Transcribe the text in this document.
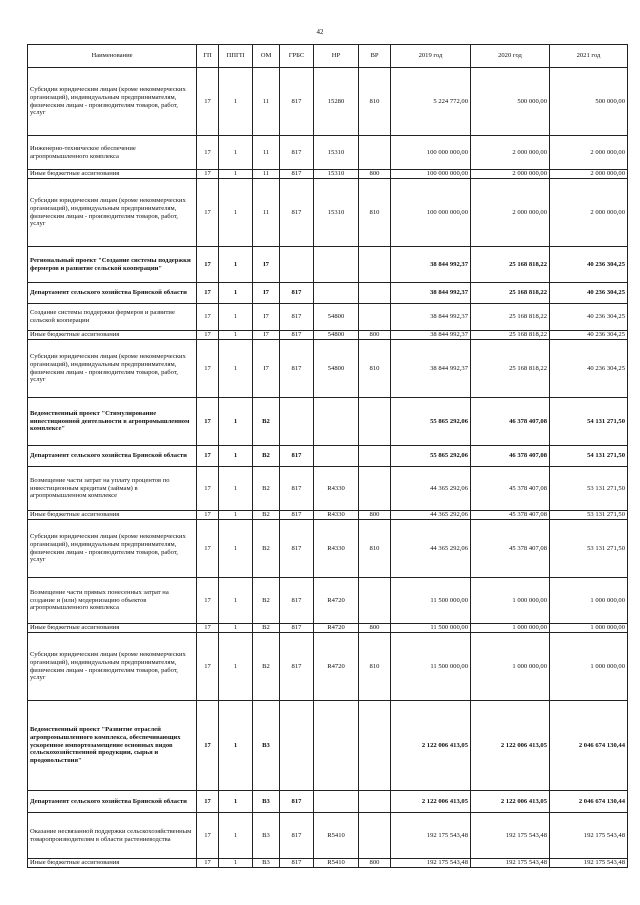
42
Наименование	ГП	ППГП	ОМ	ГРБС	НР	ВР	2019 год	2020 год	2021 год
Субсидии юридическим лицам (кроме некоммерческих организаций), индивидуальным предпринимателям, физическим лицам - производителям товаров, работ, услуг	17	1	11	817	15280	810	5 224 772,00	500 000,00	500 000,00
Инженерно-техническое обеспечение агропромышленного комплекса	17	1	11	817	15310		100 000 000,00	2 000 000,00	2 000 000,00
Иные бюджетные ассигнования	17	1	11	817	15310	800	100 000 000,00	2 000 000,00	2 000 000,00
Субсидии юридическим лицам (кроме некоммерческих организаций), индивидуальным предпринимателям, физическим лицам - производителям товаров, работ, услуг	17	1	11	817	15310	810	100 000 000,00	2 000 000,00	2 000 000,00
Региональный проект "Создание системы поддержки фермеров и развитие сельской кооперации"	17	1	I7				38 844 992,37	25 168 818,22	40 236 304,25
Департамент сельского хозяйства Брянской области	17	1	I7	817			38 844 992,37	25 168 818,22	40 236 304,25
Создание системы поддержки фермеров и развитие сельской кооперации	17	1	I7	817	54800		38 844 992,37	25 168 818,22	40 236 304,25
Иные бюджетные ассигнования	17	1	I7	817	54800	800	38 844 992,37	25 168 818,22	40 236 304,25
Субсидии юридическим лицам (кроме некоммерческих организаций), индивидуальным предпринимателям, физическим лицам - производителям товаров, работ, услуг	17	1	I7	817	54800	810	38 844 992,37	25 168 818,22	40 236 304,25
Ведомственный проект "Стимулирование инвестиционной деятельности в агропромышленном комплексе"	17	1	B2				55 865 292,06	46 378 407,08	54 131 271,50
Департамент сельского хозяйства Брянской области	17	1	B2	817			55 865 292,06	46 378 407,08	54 131 271,50
Возмещение части затрат на уплату процентов по инвестиционным кредитам (займам) в агропромышленном комплексе	17	1	B2	817	R4330		44 365 292,06	45 378 407,08	53 131 271,50
Иные бюджетные ассигнования	17	1	B2	817	R4330	800	44 365 292,06	45 378 407,08	53 131 271,50
Субсидии юридическим лицам (кроме некоммерческих организаций), индивидуальным предпринимателям, физическим лицам - производителям товаров, работ, услуг	17	1	B2	817	R4330	810	44 365 292,06	45 378 407,08	53 131 271,50
Возмещение части прямых понесенных затрат на создание и (или) модернизацию объектов агропромышленного комплекса	17	1	B2	817	R4720		11 500 000,00	1 000 000,00	1 000 000,00
Иные бюджетные ассигнования	17	1	B2	817	R4720	800	11 500 000,00	1 000 000,00	1 000 000,00
Субсидии юридическим лицам (кроме некоммерческих организаций), индивидуальным предпринимателям, физическим лицам - производителям товаров, работ, услуг	17	1	B2	817	R4720	810	11 500 000,00	1 000 000,00	1 000 000,00
Ведомственный проект "Развитие отраслей агропромышленного комплекса, обеспечивающих ускоренное импортозамещение основных видов сельскохозяйственной продукции, сырья и продовольствия"	17	1	B3				2 122 006 413,05	2 122 006 413,05	2 046 674 130,44
Департамент сельского хозяйства Брянской области	17	1	B3	817			2 122 006 413,05	2 122 006 413,05	2 046 674 130,44
Оказание несвязанной поддержки сельскохозяйственным товаропроизводителям в области растениеводства	17	1	B3	817	R5410		192 175 543,48	192 175 543,48	192 175 543,48
Иные бюджетные ассигнования	17	1	B3	817	R5410	800	192 175 543,48	192 175 543,48	192 175 543,48
